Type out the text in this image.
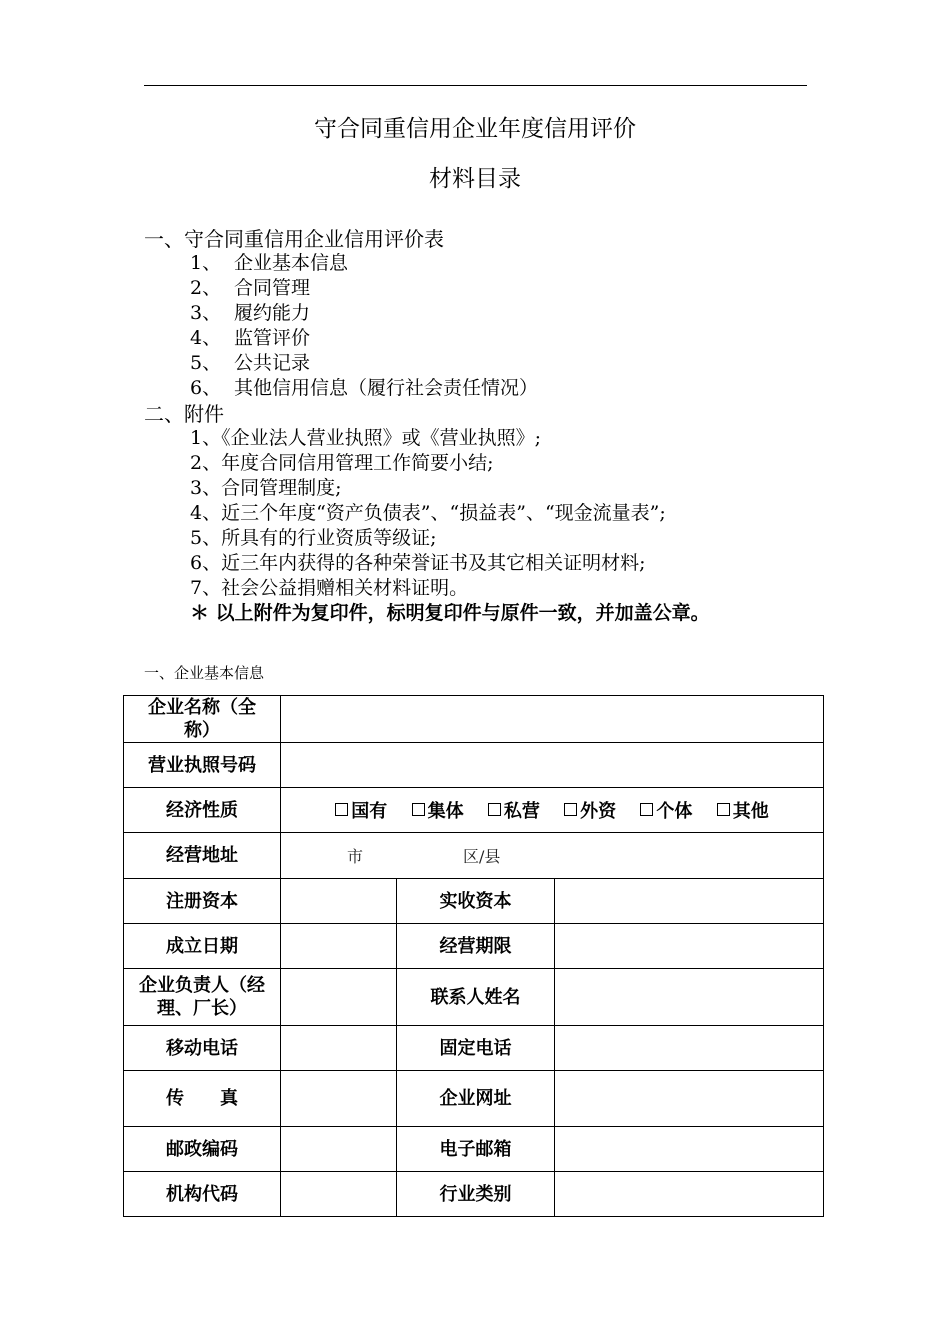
守合同重信用企业年度信用评价
材料目录
一、守合同重信用企业信用评价表
1、 企业基本信息
2、 合同管理
3、 履约能力
4、 监管评价
5、 公共记录
6、 其他信用信息（履行社会责任情况）
二、附件
1、《企业法人营业执照》或《营业执照》;
2、年度合同信用管理工作简要小结;
3、合同管理制度;
4、近三个年度“资产负债表”、“损益表”、“现金流量表”;
5、所具有的行业资质等级证;
6、近三年内获得的各种荣誉证书及其它相关证明材料;
7、社会公益捐赠相关材料证明。
＊ 以上附件为复印件，标明复印件与原件一致，并加盖公章。
一、企业基本信息
企业名称（全称）			
营业执照号码			
经济性质	国有 集体 私营 外资 个体 其他		
经营地址	市 区/县		
注册资本		实收资本	
成立日期		经营期限	
企业负责人（经理、厂长）		联系人姓名	
移动电话		固定电话	
传　　真		企业网址	
邮政编码		电子邮箱	
机构代码		行业类别	
